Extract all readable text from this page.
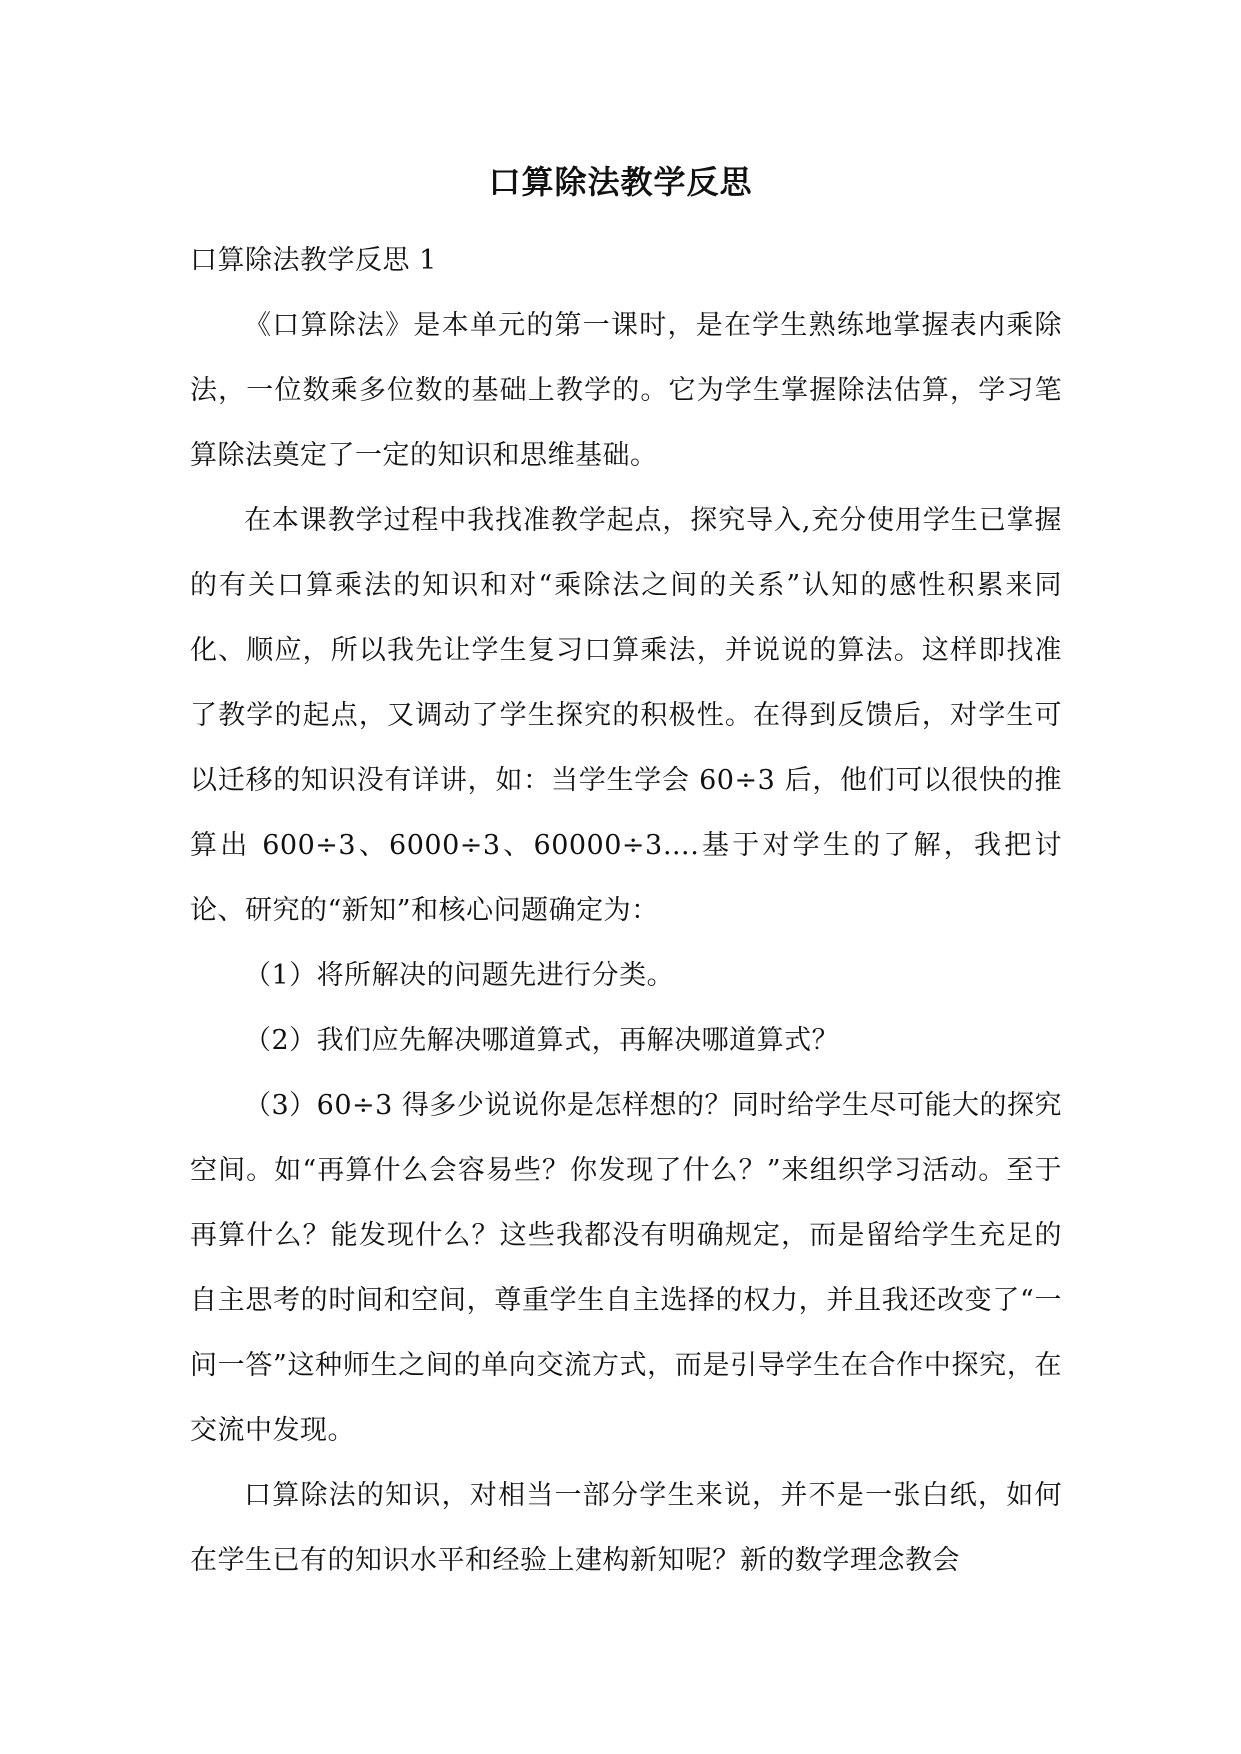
口算除法教学反思

口算除法教学反思 1

《口算除法》是本单元的第一课时，是在学生熟练地掌握表内乘除法，一位数乘多位数的基础上教学的。它为学生掌握除法估算，学习笔算除法奠定了一定的知识和思维基础。

在本课教学过程中我找准教学起点，探究导入,充分使用学生已掌握的有关口算乘法的知识和对“乘除法之间的关系”认知的感性积累来同化、顺应，所以我先让学生复习口算乘法，并说说的算法。这样即找准了教学的起点，又调动了学生探究的积极性。在得到反馈后，对学生可以迁移的知识没有详讲，如：当学生学会 60÷3 后，他们可以很快的推算出 600÷3、6000÷3、60000÷3….基于对学生的了解，我把讨论、研究的“新知”和核心问题确定为：

（1）将所解决的问题先进行分类。

（2）我们应先解决哪道算式，再解决哪道算式？

（3）60÷3 得多少说说你是怎样想的？同时给学生尽可能大的探究空间。如“再算什么会容易些？你发现了什么？”来组织学习活动。至于再算什么？能发现什么？这些我都没有明确规定，而是留给学生充足的自主思考的时间和空间，尊重学生自主选择的权力，并且我还改变了“一问一答”这种师生之间的单向交流方式，而是引导学生在合作中探究，在交流中发现。

口算除法的知识，对相当一部分学生来说，并不是一张白纸，如何在学生已有的知识水平和经验上建构新知呢？新的数学理念教会
